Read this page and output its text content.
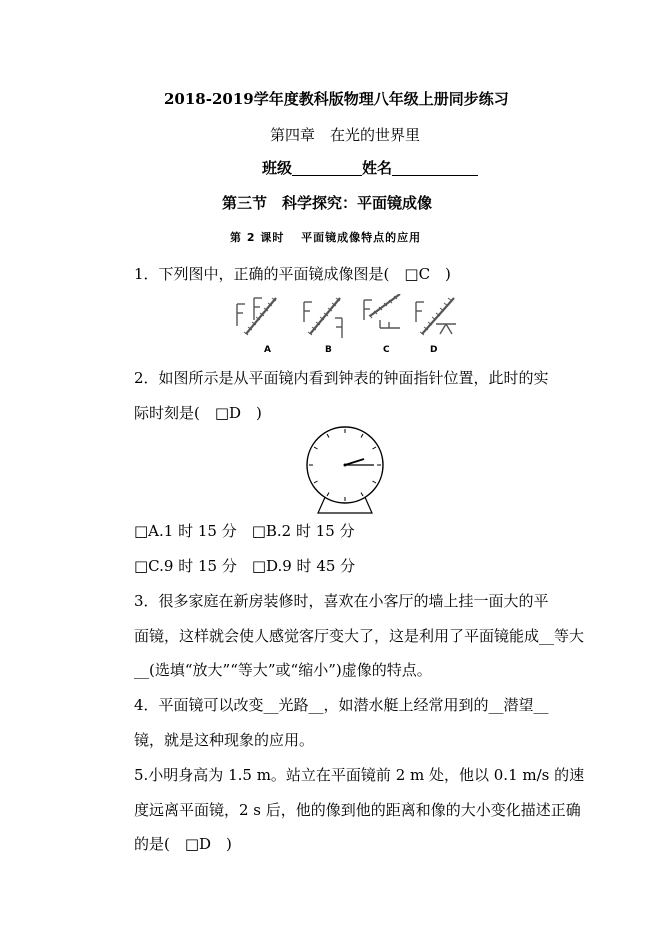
2018-2019学年度教科版物理八年级上册同步练习
第四章　在光的世界里
班级	姓名
第三节　科学探究：平面镜成像
第 2 课时　 平面镜成像特点的应用
1．下列图中，正确的平面镜成像图是(　□C　)
A	B	C	D
2．如图所示是从平面镜内看到钟表的钟面指针位置，此时的实
际时刻是(　□D　)
□A.1 时 15 分　□B.2 时 15 分
□C.9 时 15 分　□D.9 时 45 分
3．很多家庭在新房装修时，喜欢在小客厅的墙上挂一面大的平
面镜，这样就会使人感觉客厅变大了，这是利用了平面镜能成__等大
__(选填“放大”“等大”或“缩小”)虚像的特点。
4．平面镜可以改变__光路__，如潜水艇上经常用到的__潜望__
镜，就是这种现象的应用。
5.小明身高为 1.5 m。站立在平面镜前 2 m 处，他以 0.1 m/s 的速
度远离平面镜，2 s 后，他的像到他的距离和像的大小变化描述正确
的是(　□D　)
